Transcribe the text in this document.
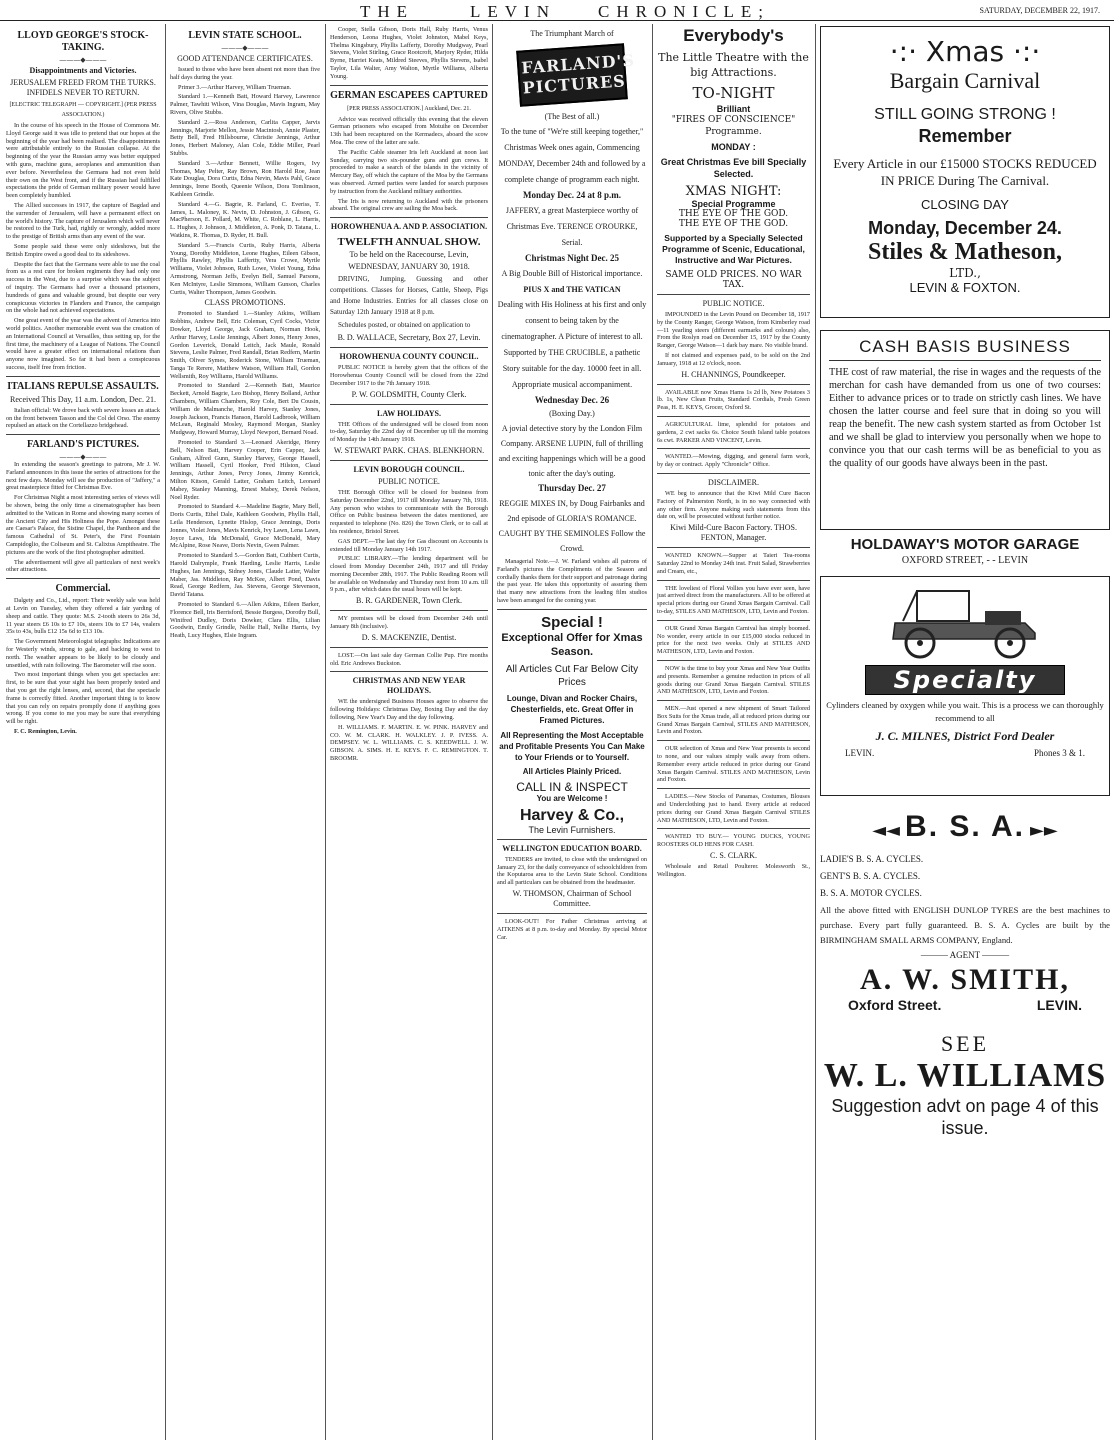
THE	LEVIN CHRONICLE;	SATURDAY, DECEMBER 22, 1917.
LLOYD GEORGE'S STOCK-TAKING.
———◆———
Disappointments and Victories.
JERUSALEM FREED FROM THE TURKS. INFIDELS NEVER TO RETURN.
[ELECTRIC TELEGRAPH — COPYRIGHT.] (PER PRESS ASSOCIATION.)

In the course of his speech in the House of Commons Mr. Lloyd George said it was idle to pretend that our hopes at the beginning of the year had been realised. The disappointments were attributable entirely to the Russian collapse. At the beginning of the year the Russian army was better equipped with guns, machine guns, aeroplanes and ammunition than ever before. Nevertheless the Germans had not even held their own on the West front, and if the Russian had fulfilled expectations the pride of German military power would have been completely humbled.

The Allied successes in 1917, the capture of Bagdad and the surrender of Jerusalem, will have a permanent effect on the world's history. The capture of Jerusalem which will never be restored to the Turk, had, rightly or wrongly, added more to the prestige of British arms than any event of the war.

Some people said these were only sideshows, but the British Empire owed a good deal to its sideshows.

Despite the fact that the Germans were able to use the coal from us a rest cure for broken regiments they had only one success in the West, due to a surprise which was the subject of inquiry. The Germans had over a thousand prisoners, hundreds of guns and valuable ground, but despite our very conspicuous victories in Flanders and France, the campaign on the whole had not achieved expectations.

One great event of the year was the advent of America into world politics. Another memorable event was the creation of an International Council at Versailles, thus setting up, for the first time, the machinery of a League of Nations. The Council would have a greater effect on international relations than anyone now imagined. So far it had been a conspicuous success, itself free from friction.

ITALIANS REPULSE ASSAULTS.
Received This Day, 11 a.m. London, Dec. 21.

Italian official: We drove back with severe losses an attack on the front between Tasson and the Col del Orso. The enemy repulsed an attack on the Cortellazzo bridgehead.

FARLAND'S PICTURES.
———◆———

In extending the season's greetings to patrons, Mr J. W. Farland announces in this issue the series of attractions for the next few days. Monday will see the production of "Jaffery," a great masterpiece fitted for Christmas Eve.

For Christmas Night a most interesting series of views will be shown, being the only time a cinematographer has been admitted to the Vatican in Rome and showing many scenes of the Ancient City and His Holiness the Pope. Amongst these are Caesar's Palace, the Sistine Chapel, the Pantheon and the famous Cathedral of St. Peter's, the First Fountain Campidoglio, the Coliseum and St. Calixtus Ampitheatre. The pictures are the work of the first photographer admitted.

The advertisement will give all particulars of next week's other attractions.

Commercial.

Dalgety and Co., Ltd., report: Their weekly sale was held at Levin on Tuesday, when they offered a fair yarding of sheep and cattle. They quote: M.S. 2-tooth steers to 26s 3d, 11 year steers £6 10s to £7 10s, steers 10s to £7 14s, vealers 35s to 43s, bulls £12 15s 6d to £13 10s.

The Government Meteorologist telegraphs: Indications are for Westerly winds, strong to gale, and backing to west to north. The weather appears to be likely to be cloudy and unsettled, with rain following. The Barometer will rise soon.

Two most important things when you get spectacles are: first, to be sure that your sight has been properly tested and that you get the right lenses, and, second, that the spectacle frame is correctly fitted. Another important thing is to know that you can rely on repairs promptly done if anything goes wrong. If you come to me you may be sure that everything will be right.

F. C. Remington, Levin.

LEVIN STATE SCHOOL.
———◆———
GOOD ATTENDANCE CERTIFICATES.

Issued to those who have been absent not more than five half days during the year.

Primer 3.—Arthur Harvey, William Trueman.

Standard 1.—Kenneth Batt, Howard Harvey, Lawrence Palmer, Tawhiti Wilson, Vina Douglas, Mavis Ingram, May Rivers, Olive Stubbs.

Standard 2.—Ross Anderson, Carlita Capper, Jarvis Jennings, Marjorie Mellon, Jessie Macintosh, Annie Plaster, Betty Bell, Fred Hillsbourne, Christie Jennings, Arthur Jones, Herbert Maloney, Alan Cole, Eddie Miller, Pearl Stubbs.

Standard 3.—Arthur Bennett, Willie Rogers, Ivy Thomas, May Pelter, Ray Brown, Ron Harold Roe, Jean Kate Douglas, Dora Curtis, Edna Nevin, Mavis Pahl, Grace Jennings, Irene Booth, Queenie Wilson, Dora Tomlinson, Kathleen Grindle.

Standard 4.—G. Bagrie, R. Farland, C. Everiss, T. James, L. Maloney, K. Nevin, D. Johnston, J. Gibson, G. MacPherson, E. Pollard, M. White, C. Roblane, L. Harris, L. Hughes, J. Johnson, J. Middleton, A. Ponk, D. Tatana, L. Watkins, R. Thomas, D. Ryder, H. Bull.

Standard 5.—Francis Curtis, Ruby Harris, Alberta Young, Dorothy Middleton, Leone Hughes, Eileen Gibson, Phyllis Rawley, Phyllis Laffertty, Vera Crowe, Myrtle Williams, Violet Johnson, Ruth Lowe, Violet Young, Edna Armstrong, Norman Jeffs, Evelyn Bell, Samuel Parsons, Ken McIntyre, Leslie Simmons, William Gunson, Charles Curtis, Walter Thompson, James Goodwin.

CLASS PROMOTIONS.

Promoted to Standard 1.—Stanley Atkins, William Robbins, Andrew Bell, Eric Coleman, Cyril Cocks, Victor Dowker, Lloyd George, Jack Graham, Norman Hook, Arthur Harvey, Leslie Jennings, Albert Jones, Henry Jones, Gordon Leverick, Donald Leitch, Jack Maule, Ronald Stevens, Leslie Palmer, Fred Randall, Brian Redfern, Martin Smith, Oliver Symes, Roderick Stone, William Trueman, Tanga Te Rerere, Matthew Watson, William Hall, Gordon Wellsmith, Roy Williams, Harold Williams.

Promoted to Standard 2.—Kenneth Batt, Maurice Beckett, Arnold Bagrie, Leo Bishop, Henry Bolland, Arthur Chambers, William Chambers, Roy Cole, Bert Du Cousin, William de Malmanche, Harold Harvey, Stanley Jones, Joseph Jackson, Francis Hanson, Harold Ladbrook, William McLean, Reginald Mosley, Raymond Morgan, Stanley Mudgway, Howard Murray, Lloyd Newport, Bernard Noad.

Promoted to Standard 3.—Leonard Akeridge, Henry Bell, Nelson Batt, Harvey Cooper, Erin Capper, Jack Graham, Alfred Gunn, Stanley Harvey, George Hassell, William Hassell, Cyril Hooker, Fred Hilston, Claud Jennings, Arthur Jones, Percy Jones, Jimmy Kenrick, Milton Kitson, Gerald Latter, Graham Leitch, Leonard Mabey, Stanley Manning, Ernest Mabey, Derek Nelson, Noel Ryder.

Promoted to Standard 4.—Madeline Bagrie, Mary Bell, Doris Curtis, Ethel Dale, Kathleen Goodwin, Phyllis Hall, Leila Henderson, Lynette Hislop, Grace Jennings, Doris Jonnes, Violet Jones, Mavis Kenrick, Ivy Lawn, Lena Lawn, Joyce Laws, Ida McDonald, Grace McDonald, Mary McAlpine, Rose Neave, Doris Nevin, Gwen Palmer.

Promoted to Standard 5.—Gordon Batt, Cuthbert Curtis, Harold Dalrymple, Frank Harding, Leslie Harris, Leslie Hughes, Ian Jennings, Sidney Jones, Claude Latter, Walter Maber, Jas. Middleton, Ray McKee, Albert Pond, Davis Read, George Redfern, Jas. Stevens, George Stevenson, David Tatana.

Promoted to Standard 6.—Allen Atkins, Eileen Barker, Florence Bell, Iris Berrisford, Bessie Burgess, Dorothy Bull, Winifred Dudley, Doris Dowker, Clara Ellis, Lilian Goodwin, Emily Grindle, Nellie Hall, Nellie Harris, Ivy Heath, Lucy Hughes, Elsie Ingram.

Cooper, Stella Gibson, Doris Hall, Ruby Harris, Venus Henderson, Leona Hughes, Violet Johnston, Mabel Keys, Thelma Kingsbury, Phyllis Lafferty, Dorothy Mudgway, Pearl Stevens, Violet Stirling, Grace Rootcroft, Marjory Ryder, Hilda Byrne, Harriet Keats, Mildred Steeves, Phyllis Stevens, Isabel Taylor, Lila Walter, Amy Walton, Myrtle Williams, Alberta Young.

GERMAN ESCAPEES CAPTURED
[PER PRESS ASSOCIATION.] Auckland, Dec. 21.

Advice was received officially this evening that the eleven German prisoners who escaped from Motuihe on December 13th had been recaptured on the Kermadecs, aboard the scow Moa. The crew of the latter are safe.

The Pacific Cable steamer Iris left Auckland at noon last Sunday, carrying two six-pounder guns and gun crews. It proceeded to make a search of the islands in the vicinity of Mercury Bay, off which the capture of the Moa by the Germans was observed. Armed parties were landed for search purposes by instruction from the Auckland military authorities.

The Iris is now returning to Auckland with the prisoners aboard. The original crew are sailing the Moa back.

HOROWHENUA A. AND P. ASSOCIATION.
TWELFTH ANNUAL SHOW.
To be held on the Racecourse, Levin,
WEDNESDAY, JANUARY 30, 1918.

DRIVING, Jumping, Guessing and other competitions. Classes for Horses, Cattle, Sheep, Pigs and Home Industries. Entries for all classes close on Saturday 12th January 1918 at 8 p.m.

Schedules posted, or obtained on application to

B. D. WALLACE, Secretary, Box 27, Levin.
HOROWHENUA COUNTY COUNCIL.

PUBLIC NOTICE is hereby given that the offices of the Horowhenua County Council will be closed from the 22nd December 1917 to the 7th January 1918.

P. W. GOLDSMITH, County Clerk.
LAW HOLIDAYS.

THE Offices of the undersigned will be closed from noon to-day, Saturday the 22nd day of December up till the morning of Monday the 14th January 1918.

W. STEWART PARK. CHAS. BLENKHORN.
LEVIN BOROUGH COUNCIL.
PUBLIC NOTICE.

THE Borough Office will be closed for business from Saturday December 22nd, 1917 till Monday January 7th, 1918. Any person who wishes to communicate with the Borough Office on Public business between the dates mentioned, are requested to telephone (No. 826) the Town Clerk, or to call at his residence, Bristol Street.

GAS DEPT.—The last day for Gas discount on Accounts is extended till Monday January 14th 1917.

PUBLIC LIBRARY.—The lending department will be closed from Monday December 24th, 1917 and till Friday morning December 28th, 1917. The Public Reading Room will be available on Wednesday and Thursday next from 10 a.m. till 9 p.m., after which dates the usual hours will be kept.

B. R. GARDENER, Town Clerk.

MY premises will be closed from December 24th until January 8th (inclusive).

D. S. MACKENZIE, Dentist.

LOST.—On last sale day German Collie Pup. Fire months old. Eric Andrews Buckston.

CHRISTMAS AND NEW YEAR HOLIDAYS.

WE the undersigned Business Houses agree to observe the following Holidays: Christmas Day, Boxing Day and the day following, New Year's Day and the day following.

H. WILLIAMS. F. MARTIN. E. W. PINK. HARVEY and CO. W. M. CLARK. H. WALKLEY. J. P. IVESS. A. DEMPSEY. W. L. WILLIAMS. C. S. KEEDWELL. J. W. GIBSON. A. SIMS. H. E. KEYS. F. C. REMINGTON. T. BROOMR.

The Triumphant March of
FARLAND'S PICTURES
(The Best of all.)
To the tune of "We're still keeping together," Christmas Week ones again, Commencing MONDAY, December 24th and followed by a complete change of programm each night.
Monday Dec. 24 at 8 p.m.
JAFFERY, a great Masterpiece worthy of Christmas Eve. TERENCE O'ROURKE, Serial.
Christmas Night Dec. 25
A Big Double Bill of Historical importance.
PIUS X and THE VATICAN
Dealing with His Holiness at his first and only consent to being taken by the cinematographer. A Picture of interest to all. Supported by THE CRUCIBLE, a pathetic Story suitable for the day. 10000 feet in all. Appropriate musical accompaniment.
Wednesday Dec. 26
(Boxing Day.)
A jovial detective story by the London Film Company. ARSENE LUPIN, full of thrilling and exciting happenings which will be a good tonic after the day's outing.
Thursday Dec. 27
REGGIE MIXES IN, by Doug Fairbanks and 2nd episode of GLORIA'S ROMANCE. CAUGHT BY THE SEMINOLES Follow the Crowd.

Managerial Note.—J. W. Farland wishes all patrons of Farland's pictures the Compliments of the Season and cordially thanks them for their support and patronage during the past year. He takes this opportunity of assuring them that many new attractions from the leading film studios have been arranged for the coming year.

Special !
Exceptional Offer for Xmas Season.
All Articles Cut Far Below City Prices
Lounge, Divan and Rocker Chairs, Chesterfields, etc. Great Offer in Framed Pictures.
All Representing the Most Acceptable and Profitable Presents You Can Make to Your Friends or to Yourself.
All Articles Plainly Priced.
CALL IN & INSPECT
You are Welcome !
Harvey & Co.,
The Levin Furnishers.
WELLINGTON EDUCATION BOARD.

TENDERS are invited, to close with the undersigned on January 23, for the daily conveyance of schoolchildren from the Koputaroa area to the Levin State School. Conditions and all particulars can be obtained from the headmaster.

W. THOMSON, Chairman of School Committee.

LOOK-OUT! For Father Christmas arriving at AITKENS at 8 p.m. to-day and Monday. By special Motor Car.

Everybody's
The Little Theatre with the big Attractions.
TO-NIGHT
Brilliant
"FIRES OF CONSCIENCE" Programme.
MONDAY :
Great Christmas Eve bill Specially Selected.
XMAS NIGHT:
Special Programme
THE EYE OF THE GOD.
THE EYE OF THE GOD.
Supported by a Specially Selected Programme of Scenic, Educational, Instructive and War Pictures.
SAME OLD PRICES. NO WAR TAX.
PUBLIC NOTICE.

IMPOUNDED in the Levin Pound on December 18, 1917 by the County Ranger, George Watson, from Kimberley road—11 yearling steers (different earmarks and colours) also, From the Roslyn road on December 15, 1917 by the County Ranger, George Watson—1 dark bay mare. No visible brand.

If not claimed and expenses paid, to be sold on the 2nd January, 1918 at 12 o'clock, noon.

H. CHANNINGS, Poundkeeper.

AVAILABLE now Xmas Hams 1s 2d lb, New Potatoes 3 lb. 1s, New Clean Fruits, Standard Cordials, Fresh Green Peas, H. E. KEYS, Grocer, Oxford St.

AGRICULTURAL lime, splendid for potatoes and gardens, 2 cwt sacks 6s. Choice South Island table potatoes 6s cwt. PARKER AND VINCENT, Levin.

WANTED.—Mowing, digging, and general farm work, by day or contract. Apply "Chronicle" Office.

DISCLAIMER.

WE beg to announce that the Kiwi Mild Cure Bacon Factory of Palmerston North, is in no way connected with any other firm. Anyone making such statements from this date on, will be prosecuted without further notice.

Kiwi Mild-Cure Bacon Factory. THOS. FENTON, Manager.

WANTED KNOWN.—Supper at Taieri Tea-rooms Saturday 22nd to Monday 24th inst. Fruit Salad, Strawberries and Cream, etc.,

THE loveliest of Floral Vollies you have ever seen, have just arrived direct from the manufacturers. All to be offered at special prices during our Grand Xmas Bargain Carnival. Call to-day, STILES AND MATHESON, LTD, Levin and Foxton.

OUR Grand Xmas Bargain Carnival has simply boomed. No wonder, every article in our £15,000 stocks reduced in price for the next two weeks. Only at STILES AND MATHESON, LTD, Levin and Foxton.

NOW is the time to buy your Xmas and New Year Outfits and presents. Remember a genuine reduction in prices of all goods during our Grand Xmas Bargain Carnival. STILES AND MATHESON, LTD, Levin and Foxton.

MEN.—Just opened a new shipment of Smart Tailored Box Suits for the Xmas trade, all at reduced prices during our Grand Xmas Bargain Carnival, STILES AND MATHESON, Levin and Foxton.

OUR selection of Xmas and New Year presents is second to none, and our values simply walk away from others. Remember every article reduced in price during our Grand Xmas Bargain Carnival. STILES AND MATHESON, Levin and Foxton.

LADIES.—New Stocks of Panamas, Costumes, Blouses and Underclothing just to hand. Every article at reduced prices during our Grand Xmas Bargain Carnival STILES AND MATHESON, LTD, Levin and Foxton.

WANTED TO BUY.— YOUNG DUCKS, YOUNG ROOSTERS OLD HENS FOR CASH.

C. S. CLARK.

Wholesale and Retail Poulterer. Molesworth St., Wellington.

·:· Xmas ·:·
Bargain Carnival
STILL GOING STRONG !
Remember
Every Article in our £15000 STOCKS REDUCED IN PRICE During The Carnival.
CLOSING DAY
Monday, December 24.
Stiles & Matheson,
LTD.,
LEVIN & FOXTON.
CASH BASIS BUSINESS

THE cost of raw material, the rise in wages and the requests of the merchan for cash have demanded from us one of two courses: Either to advance prices or to trade on strictly cash lines. We have chosen the latter course and feel sure that in doing so you will reap the benefit. The new cash system started as from October 1st and we shall be glad to interview you personally when we hope to convince you that our cash terms will be as beneficial to you as the quality of our goods have always been in the past.

HOLDAWAY'S MOTOR GARAGE
OXFORD STREET, - - LEVIN
Specialty
Cylinders cleaned by oxygen while you wait. This is a process we can thoroughly recommend to all
J. C. MILNES, District Ford Dealer
LEVIN.	Phones 3 & 1.
◄◄ B. S. A. ►►
LADIE'S B. S. A. CYCLES.
GENT'S B. S. A. CYCLES.
B. S. A. MOTOR CYCLES.
All the above fitted with ENGLISH DUNLOP TYRES are the best machines to purchase. Every part fully guaranteed. B. S. A. Cycles are built by the BIRMINGHAM SMALL ARMS COMPANY, England.
——— AGENT ———
A. W. SMITH,
Oxford Street.	LEVIN.
SEE
W. L. WILLIAMS
Suggestion advt on page 4 of this issue.
